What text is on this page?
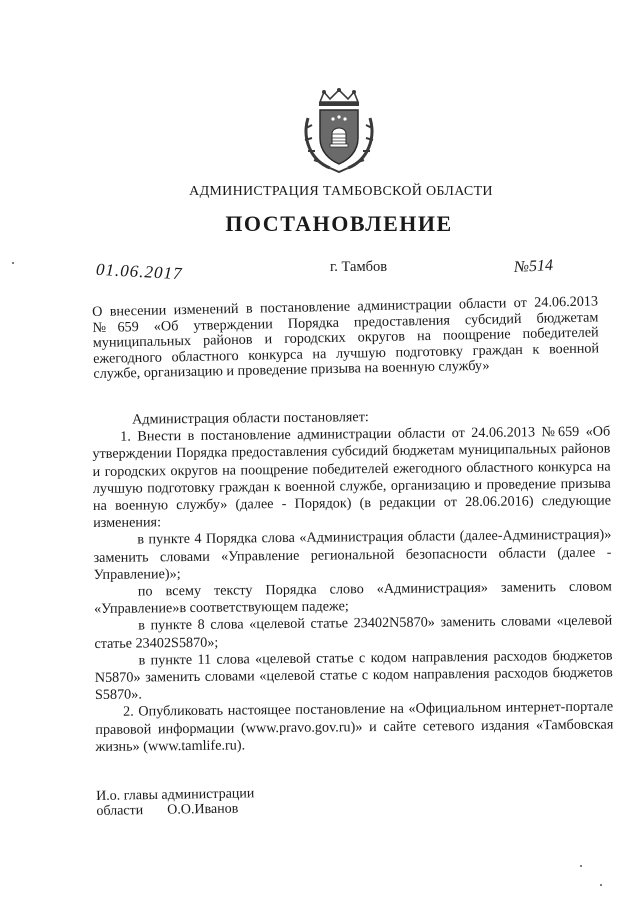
АДМИНИСТРАЦИЯ ТАМБОВСКОЙ ОБЛАСТИ
ПОСТАНОВЛЕНИЕ
01.06.2017	г. Тамбов	№514
О внесении изменений в постановление администрации области от 24.06.2013 №659 «Об утверждении Порядка предоставления субсидий бюджетам муниципальных районов и городских округов на поощрение победителей ежегодного областного конкурса на лучшую подготовку граждан к военной службе, организацию и проведение призыва на военную службу»

Администрация области постановляет:

1. Внести в постановление администрации области от 24.06.2013 №659 «Об утверждении Порядка предоставления субсидий бюджетам муниципальных районов и городских округов на поощрение победителей ежегодного областного конкурса на лучшую подготовку граждан к военной службе, организацию и проведение призыва на военную службу» (далее - Порядок) (в редакции от 28.06.2016) следующие изменения:

в пункте 4 Порядка слова «Администрация области (далее-Администрация)» заменить словами «Управление региональной безопасности области (далее - Управление)»;

по всему тексту Порядка слово «Администрация» заменить словом «Управление»в соответствующем падеже;

в пункте 8 слова «целевой статье 23402N5870» заменить словами «целевой статье 23402S5870»;

в пункте 11 слова «целевой статье с кодом направления расходов бюджетов N5870» заменить словами «целевой статье с кодом направления расходов бюджетов S5870».

2. Опубликовать настоящее постановление на «Официальном интернет-портале правовой информации (www.pravo.gov.ru)» и сайте сетевого издания «Тамбовская жизнь» (www.tamlife.ru).

И.о. главы администрации
области О.О.Иванов
